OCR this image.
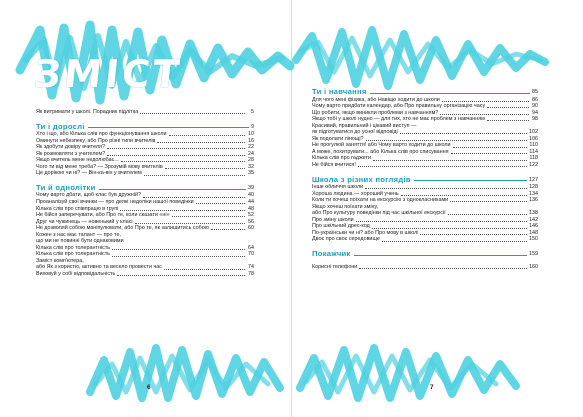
ЗМІСТ
Як витримати у школі. Порадник підлітка	5
Ти і дорослі	9
Хто і що, або Кілька слів про функціонування школи	10
Оминути небезпеку, або Про різні типи вчителів	16
Як здобути довіру вчителя?	22
Як розмовляти з учителем?	24
Якщо вчитель мене недолюбає...	28
Чого ти від мене треба? — Зрозумій мову вчителів	32
Це дорікою чи ні? — Він-ка-він у вчителем	35
Ти й однолітки	39
Чому варто дбати, щоб клас був дружній?	40
Проаналізуй свої вчинки — про деякі недоліки нашої поведінки	44
Кілька слів про співпрацю в групі	48
Не бійся заперечувати, або Про те, коли сказати «ні»	52
Друг чи чужинець — новенький у класі	56
Не дозволяй собою маніпулювати, або Про те, як залишитись собою	60
Кожен з нас має талант — про те,
що ми не повинні бути однаковими
Кілька слів про толерантність	64
Кілька слів про толерантність	70
Заміст комп'ютера,
або Як з користю, активно та весело провести час	74
Виховуй у собі відповідальність	78
Ти і навчання	85
Для чого мені фізика, або Навіщо ходити до школи	86
Чому варто придбати календар, або Про правильну організацію часу	90
Що робити, якщо виникли проблеми з навчанням?	94
Якщо тобі у школі нудно — для тих, хто не має проблем з навчанням	98
Красивий, правильний і цікавий виступ —
як підготуватися до усної відповіді	102
Як подолати лінощі?	106
Не прогулюй заняття! або Чому варто ходити до школи	110
А може, похитрувати... або Кілька слів про списування	114
Кілька слів про гаджети	118
Не бійся вчитися!	122
Школа з різних поглядів	127
Інше обличчя школи	128
Хороша людина — хороший учень	134
Коли ти хочеш поїхати на екскурсію з однокласниками	136
Якщо хочеш поїхати зміну,
або Про культуру поведінки під час шкільної екскурсії	138
Про зміну школи	142
Про шкільний дрес-код	146
По-українськи чи ні? або Про мову в школі	148
Двоє про своє середовище	150
Покажчик	159
Корисні телефони	160
6	7
